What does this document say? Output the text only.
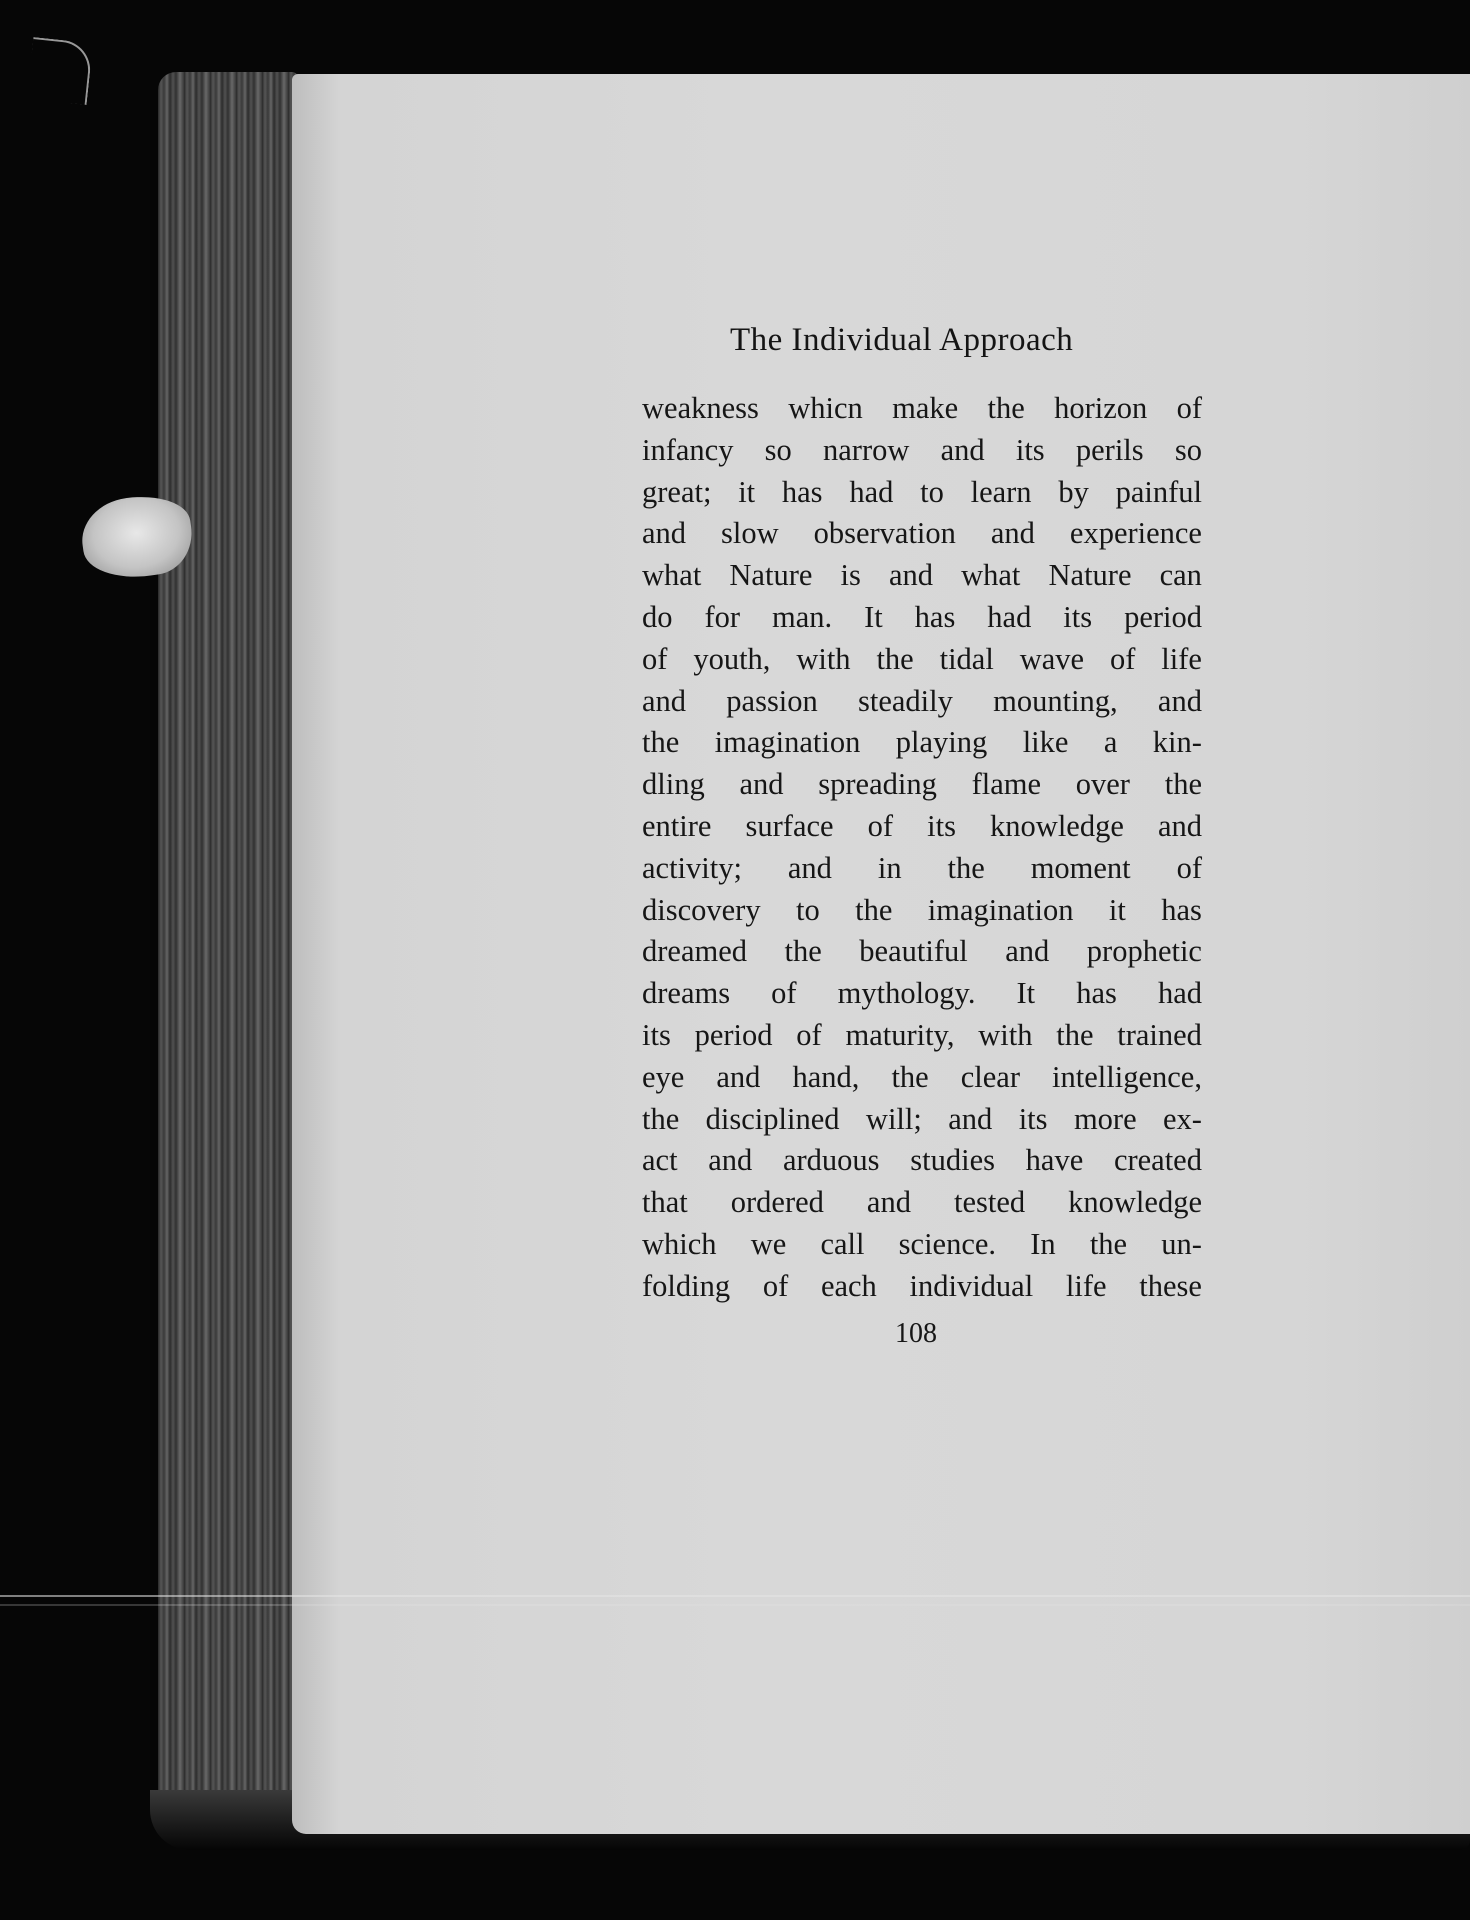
The Individual Approach
weakness whicn make the horizon of
infancy so narrow and its perils so
great; it has had to learn by painful
and slow observation and experience
what Nature is and what Nature can
do for man. It has had its period
of youth, with the tidal wave of life
and passion steadily mounting, and
the imagination playing like a kin-
dling and spreading flame over the
entire surface of its knowledge and
activity; and in the moment of
discovery to the imagination it has
dreamed the beautiful and prophetic
dreams of mythology. It has had
its period of maturity, with the trained
eye and hand, the clear intelligence,
the disciplined will; and its more ex-
act and arduous studies have created
that ordered and tested knowledge
which we call science. In the un-
folding of each individual life these
108
